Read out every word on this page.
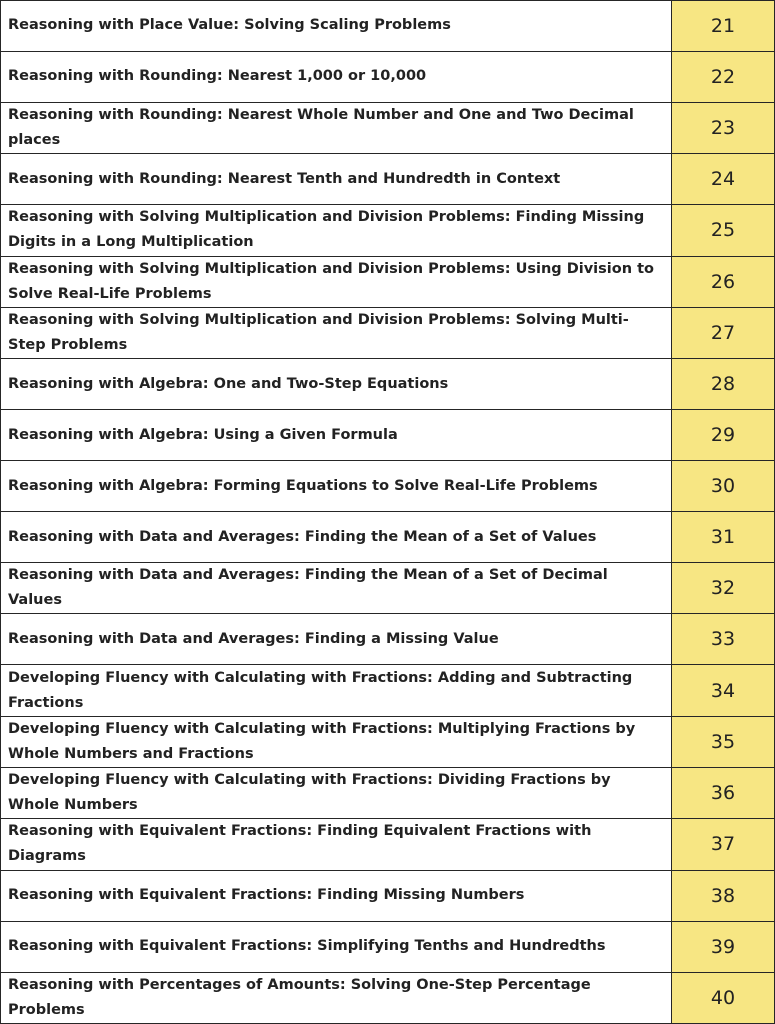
Reasoning with Place Value: Solving Scaling Problems	21
Reasoning with Rounding: Nearest 1,000 or 10,000	22
Reasoning with Rounding: Nearest Whole Number and One and Two Decimal places	23
Reasoning with Rounding: Nearest Tenth and Hundredth in Context	24
Reasoning with Solving Multiplication and Division Problems: Finding Missing Digits in a Long Multiplication	25
Reasoning with Solving Multiplication and Division Problems: Using Division to Solve Real-Life Problems	26
Reasoning with Solving Multiplication and Division Problems: Solving Multi-Step Problems	27
Reasoning with Algebra: One and Two-Step Equations	28
Reasoning with Algebra: Using a Given Formula	29
Reasoning with Algebra: Forming Equations to Solve Real-Life Problems	30
Reasoning with Data and Averages: Finding the Mean of a Set of Values	31
Reasoning with Data and Averages: Finding the Mean of a Set of Decimal Values	32
Reasoning with Data and Averages: Finding a Missing Value	33
Developing Fluency with Calculating with Fractions: Adding and Subtracting Fractions	34
Developing Fluency with Calculating with Fractions: Multiplying Fractions by Whole Numbers and Fractions	35
Developing Fluency with Calculating with Fractions: Dividing Fractions by Whole Numbers	36
Reasoning with Equivalent Fractions: Finding Equivalent Fractions with Diagrams	37
Reasoning with Equivalent Fractions: Finding Missing Numbers	38
Reasoning with Equivalent Fractions: Simplifying Tenths and Hundredths	39
Reasoning with Percentages of Amounts: Solving One-Step Percentage Problems	40
